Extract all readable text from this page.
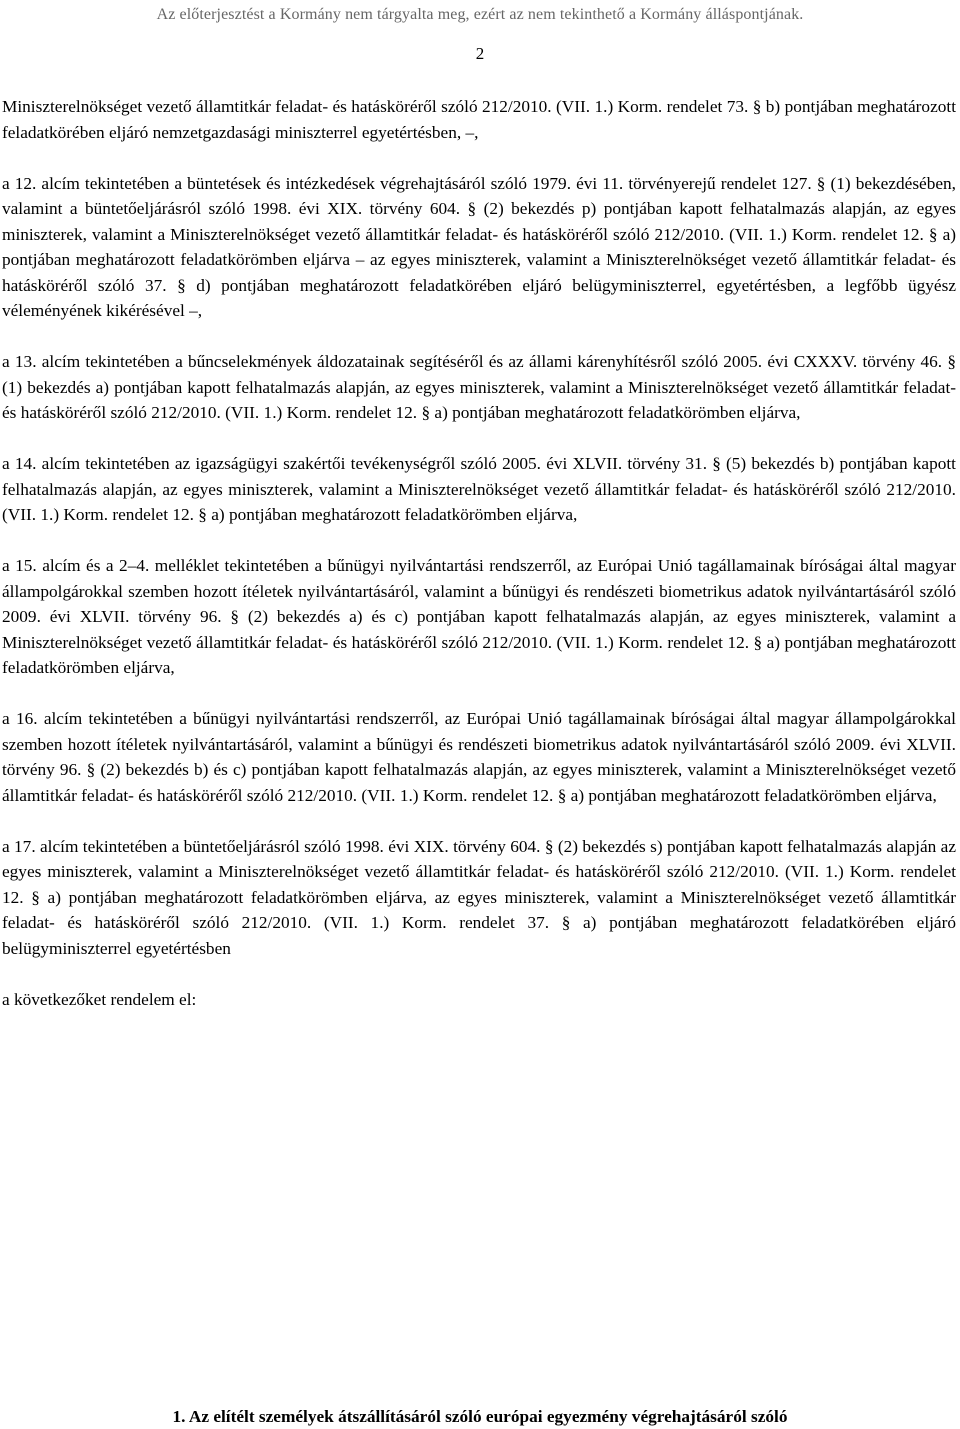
Az előterjesztést a Kormány nem tárgyalta meg, ezért az nem tekinthető a Kormány álláspontjának.
2

Miniszterelnökséget vezető államtitkár feladat- és hatásköréről szóló 212/2010. (VII. 1.) Korm. rendelet 73. § b) pontjában meghatározott feladatkörében eljáró nemzetgazdasági miniszterrel egyetértésben, –,

a 12. alcím tekintetében a büntetések és intézkedések végrehajtásáról szóló 1979. évi 11. törvényerejű rendelet 127. § (1) bekezdésében, valamint a büntetőeljárásról szóló 1998. évi XIX. törvény 604. § (2) bekezdés p) pontjában kapott felhatalmazás alapján, az egyes miniszterek, valamint a Miniszterelnökséget vezető államtitkár feladat- és hatásköréről szóló 212/2010. (VII. 1.) Korm. rendelet 12. § a) pontjában meghatározott feladatkörömben eljárva – az egyes miniszterek, valamint a Miniszterelnökséget vezető államtitkár feladat- és hatásköréről szóló 37. § d) pontjában meghatározott feladatkörében eljáró belügyminiszterrel, egyetértésben, a legfőbb ügyész véleményének kikérésével –,

a 13. alcím tekintetében a bűncselekmények áldozatainak segítéséről és az állami kárenyhítésről szóló 2005. évi CXXXV. törvény 46. § (1) bekezdés a) pontjában kapott felhatalmazás alapján, az egyes miniszterek, valamint a Miniszterelnökséget vezető államtitkár feladat- és hatásköréről szóló 212/2010. (VII. 1.) Korm. rendelet 12. § a) pontjában meghatározott feladatkörömben eljárva,

a 14. alcím tekintetében az igazságügyi szakértői tevékenységről szóló 2005. évi XLVII. törvény 31. § (5) bekezdés b) pontjában kapott felhatalmazás alapján, az egyes miniszterek, valamint a Miniszterelnökséget vezető államtitkár feladat- és hatásköréről szóló 212/2010. (VII. 1.) Korm. rendelet 12. § a) pontjában meghatározott feladatkörömben eljárva,

a 15. alcím és a 2–4. melléklet tekintetében a bűnügyi nyilvántartási rendszerről, az Európai Unió tagállamainak bíróságai által magyar állampolgárokkal szemben hozott ítéletek nyilvántartásáról, valamint a bűnügyi és rendészeti biometrikus adatok nyilvántartásáról szóló 2009. évi XLVII. törvény 96. § (2) bekezdés a) és c) pontjában kapott felhatalmazás alapján, az egyes miniszterek, valamint a Miniszterelnökséget vezető államtitkár feladat- és hatásköréről szóló 212/2010. (VII. 1.) Korm. rendelet 12. § a) pontjában meghatározott feladatkörömben eljárva,

a 16. alcím tekintetében a bűnügyi nyilvántartási rendszerről, az Európai Unió tagállamainak bíróságai által magyar állampolgárokkal szemben hozott ítéletek nyilvántartásáról, valamint a bűnügyi és rendészeti biometrikus adatok nyilvántartásáról szóló 2009. évi XLVII. törvény 96. § (2) bekezdés b) és c) pontjában kapott felhatalmazás alapján, az egyes miniszterek, valamint a Miniszterelnökséget vezető államtitkár feladat- és hatásköréről szóló 212/2010. (VII. 1.) Korm. rendelet 12. § a) pontjában meghatározott feladatkörömben eljárva,

a 17. alcím tekintetében a büntetőeljárásról szóló 1998. évi XIX. törvény 604. § (2) bekezdés s) pontjában kapott felhatalmazás alapján az egyes miniszterek, valamint a Miniszterelnökséget vezető államtitkár feladat- és hatásköréről szóló 212/2010. (VII. 1.) Korm. rendelet 12. § a) pontjában meghatározott feladatkörömben eljárva, az egyes miniszterek, valamint a Miniszterelnökséget vezető államtitkár feladat- és hatásköréről szóló 212/2010. (VII. 1.) Korm. rendelet 37. § a) pontjában meghatározott feladatkörében eljáró belügyminiszterrel egyetértésben

a következőket rendelem el:

1. Az elítélt személyek átszállításáról szóló európai egyezmény végrehajtásáról szóló
